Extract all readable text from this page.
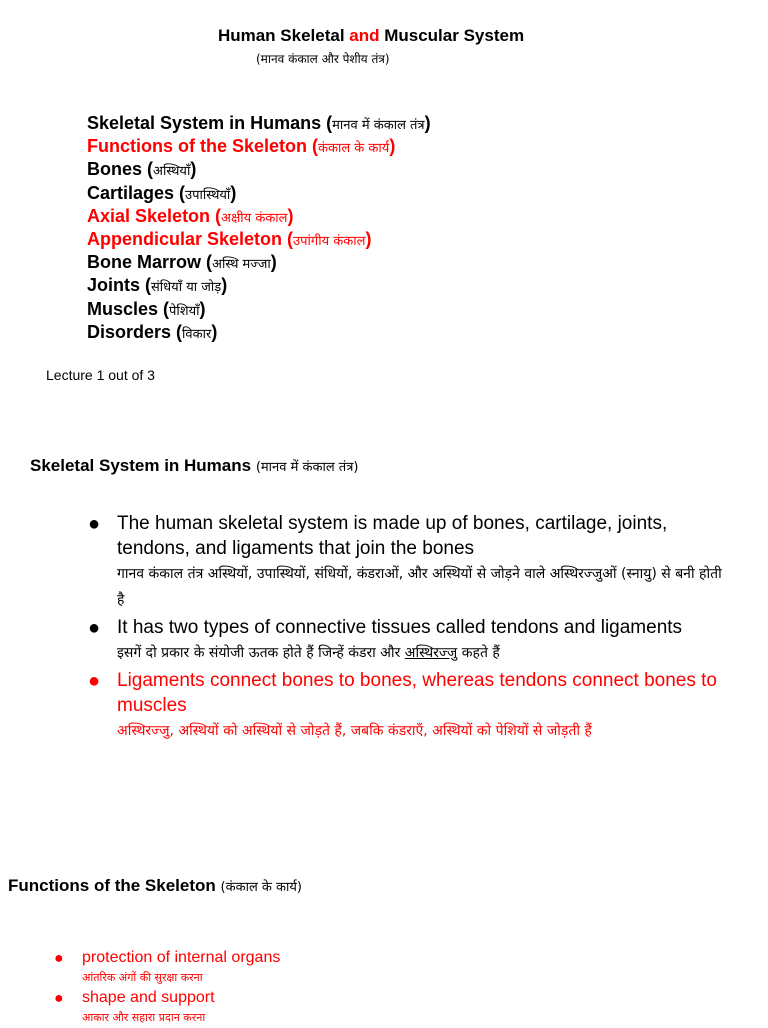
Human Skeletal and Muscular System
(मानव कंकाल और पेशीय तंत्र)
Skeletal System in Humans (मानव में कंकाल तंत्र)
Functions of the Skeleton (कंकाल के कार्य)
Bones (अस्थियाँ)
Cartilages (उपास्थियाँ)
Axial Skeleton (अक्षीय कंकाल)
Appendicular Skeleton (उपांगीय कंकाल)
Bone Marrow (अस्थि मज्जा)
Joints (संधियाँ या जोड़)
Muscles (पेशियाँ)
Disorders (विकार)
Lecture 1 out of 3
Skeletal System in Humans (मानव में कंकाल तंत्र)
● The human skeletal system is made up of bones, cartilage, joints, tendons, and ligaments that join the bones
गानव कंकाल तंत्र अस्थियों, उपास्थियों, संधियों, कंडराओं, और अस्थियों से जोड़ने वाले अस्थिरज्जुओं (स्नायु) से बनी होती है
● It has two types of connective tissues called tendons and ligaments
इसगें दो प्रकार के संयोजी ऊतक होते हैं जिन्हें कंडरा और अस्थिरज्जु कहते हैं
● Ligaments connect bones to bones, whereas tendons connect bones to muscles
अस्थिरज्जु, अस्थियों को अस्थियों से जोड़ते हैं, जबकि कंडराएँ, अस्थियों को पेशियों से जोड़ती हैं
Functions of the Skeleton (कंकाल के कार्य)
● protection of internal organs
आंतरिक अंगों की सुरक्षा करना
● shape and support
आकार और सहारा प्रदान करना
